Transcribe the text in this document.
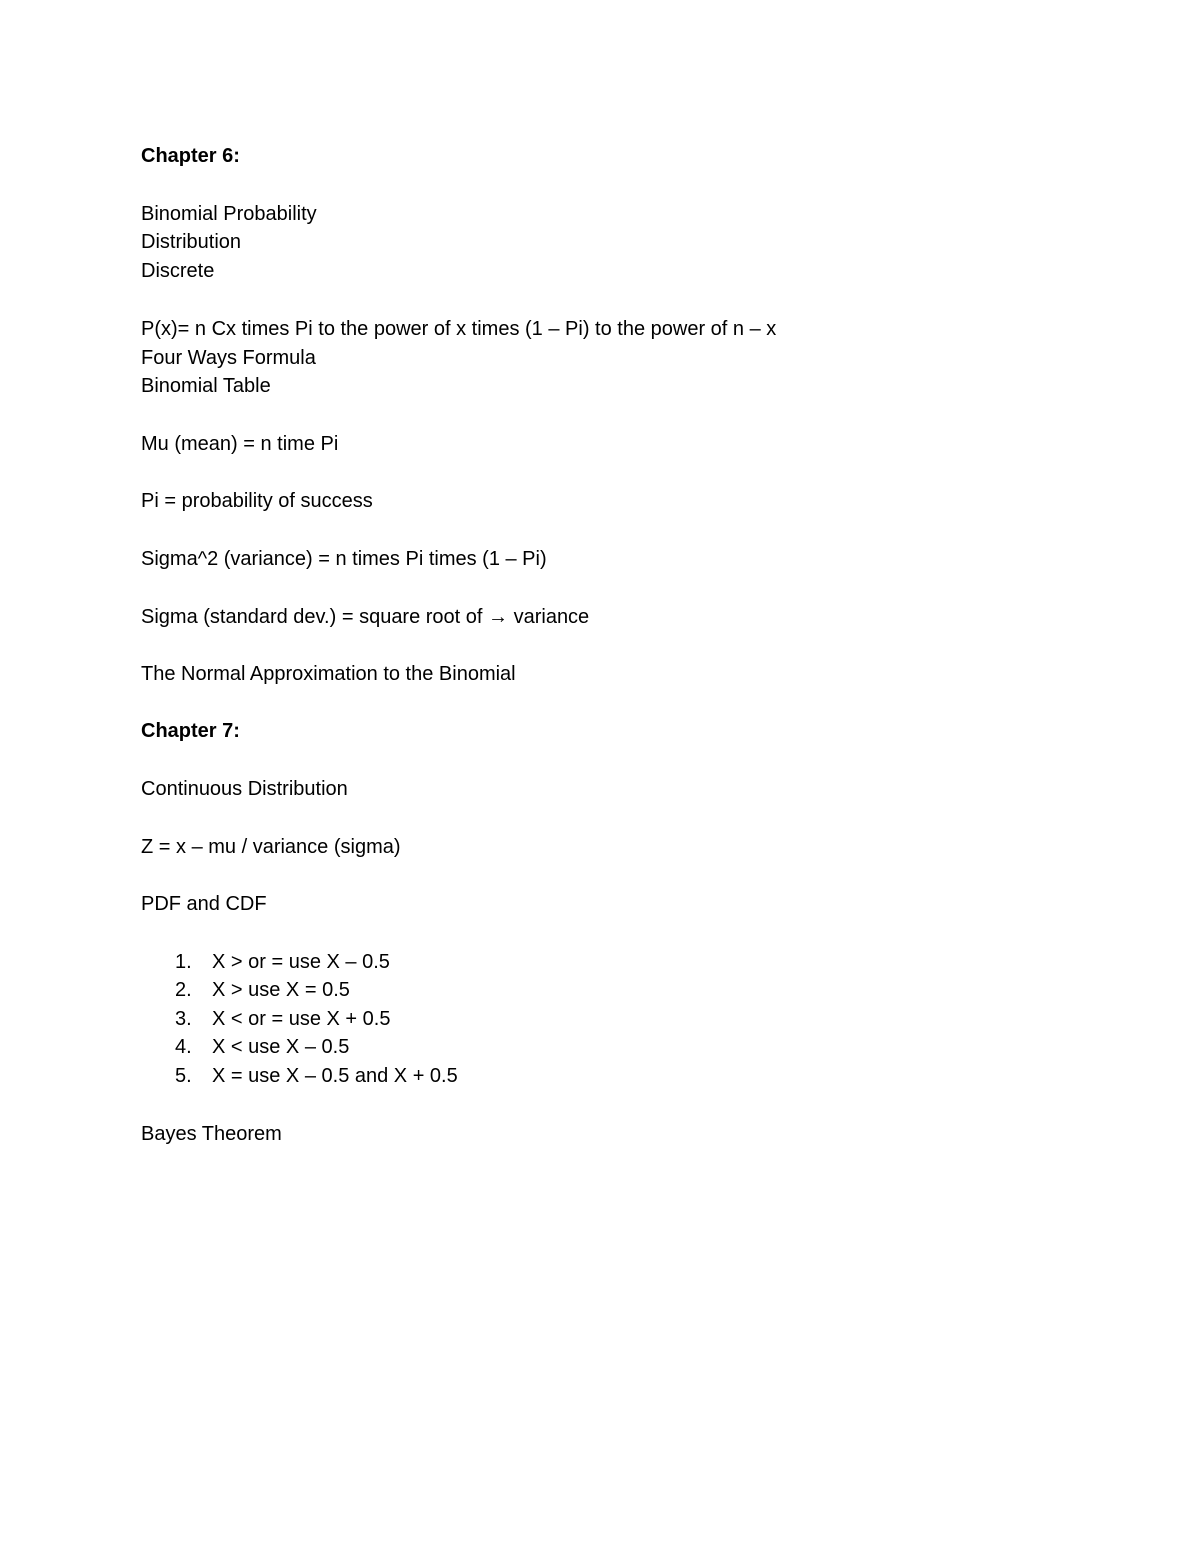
Chapter 6:
Binomial Probability
Distribution
Discrete
P(x)= n Cx times Pi to the power of x times (1 – Pi) to the power of n – x
Four Ways Formula
Binomial Table
Mu (mean) = n time Pi
Pi = probability of success
Sigma^2 (variance) = n times Pi times (1 – Pi)
Sigma (standard dev.) = square root of → variance
The Normal Approximation to the Binomial
Chapter 7:
Continuous Distribution
Z = x – mu / variance (sigma)
PDF and CDF
1. X > or = use X – 0.5
2. X > use X = 0.5
3. X < or = use X + 0.5
4. X < use X – 0.5
5. X = use X – 0.5 and X + 0.5
Bayes Theorem
